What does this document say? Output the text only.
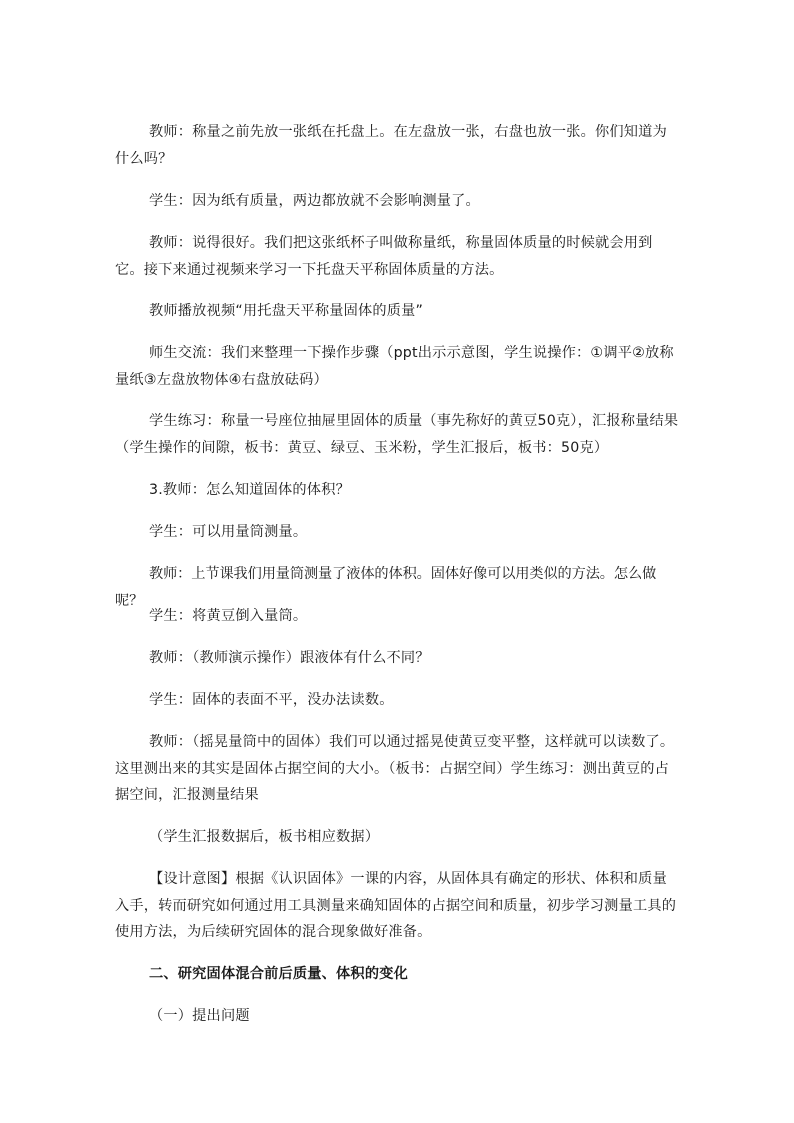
教师：称量之前先放一张纸在托盘上。在左盘放一张，右盘也放一张。你们知道为什么吗？

学生：因为纸有质量，两边都放就不会影响测量了。

教师：说得很好。我们把这张纸杯子叫做称量纸，称量固体质量的时候就会用到它。接下来通过视频来学习一下托盘天平称固体质量的方法。

教师播放视频“用托盘天平称量固体的质量”

师生交流：我们来整理一下操作步骤（ppt出示示意图，学生说操作：①调平②放称量纸③左盘放物体④右盘放砝码）

学生练习：称量一号座位抽屉里固体的质量（事先称好的黄豆50克），汇报称量结果（学生操作的间隙，板书：黄豆、绿豆、玉米粉，学生汇报后，板书：50克）

3.教师：怎么知道固体的体积？

学生：可以用量筒测量。

教师：上节课我们用量筒测量了液体的体积。固体好像可以用类似的方法。怎么做呢？

学生：将黄豆倒入量筒。

教师：（教师演示操作）跟液体有什么不同？

学生：固体的表面不平，没办法读数。

教师：（摇晃量筒中的固体）我们可以通过摇晃使黄豆变平整，这样就可以读数了。这里测出来的其实是固体占据空间的大小。（板书：占据空间）学生练习：测出黄豆的占据空间，汇报测量结果

（学生汇报数据后，板书相应数据）

【设计意图】根据《认识固体》一课的内容，从固体具有确定的形状、体积和质量入手，转而研究如何通过用工具测量来确知固体的占据空间和质量，初步学习测量工具的使用方法，为后续研究固体的混合现象做好准备。

二、研究固体混合前后质量、体积的变化

（一）提出问题
